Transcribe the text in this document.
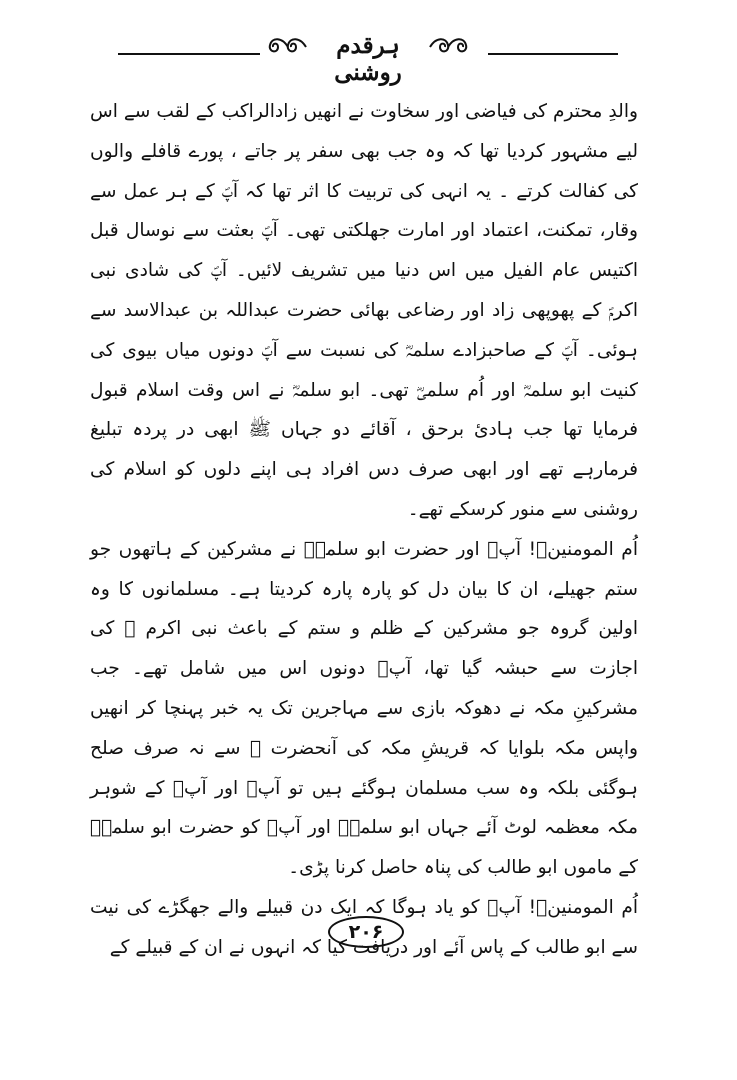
ہرقدم روشنی

والدِ محترم کی فیاضی اور سخاوت نے انھیں زادالراکب کے لقب سے اس لیے مشہور کردیا تھا کہ وہ جب بھی سفر پر جاتے ، پورے قافلے والوں کی کفالت کرتے ۔ یہ انہی کی تربیت کا اثر تھا کہ آپؐ کے ہر عمل سے وقار، تمکنت، اعتماد اور امارت جھلکتی تھی۔ آپؐ بعثت سے نوسال قبل اکتیس عام الفیل میں اس دنیا میں تشریف لائیں۔ آپؐ کی شادی نبی اکرمؐ کے پھوپھی زاد اور رضاعی بھائی حضرت عبداللہ بن عبدالاسد سے ہوئی۔ آپؐ کے صاحبزادے سلمہؓ کی نسبت سے آپؐ دونوں میاں بیوی کی کنیت ابو سلمہؓ اور اُم سلمیؓ تھی۔ ابو سلمہؓ نے اس وقت اسلام قبول فرمایا تھا جب ہادیٔ برحق ، آقائے دو جہاں ﷺ ابھی در پردہ تبلیغ فرمارہے تھے اور ابھی صرف دس افراد ہی اپنے دلوں کو اسلام کی روشنی سے منور کرسکے تھے۔

اُم المومنینؓ! آپؐ اور حضرت ابو سلمہؓ نے مشرکین کے ہاتھوں جو ستم جھیلے، ان کا بیان دل کو پارہ پارہ کردیتا ہے۔ مسلمانوں کا وہ اولین گروہ جو مشرکین کے ظلم و ستم کے باعث نبی اکرم ﷺ کی اجازت سے حبشہ گیا تھا، آپؐ دونوں اس میں شامل تھے۔ جب مشرکینِ مکہ نے دھوکہ بازی سے مہاجرین تک یہ خبر پہنچا کر انھیں واپس مکہ بلوایا کہ قریشِ مکہ کی آنحضرت ﷺ سے نہ صرف صلح ہوگئی بلکہ وہ سب مسلمان ہوگئے ہیں تو آپؐ اور آپؐ کے شوہر مکہ معظمہ لوٹ آئے جہاں ابو سلمہؓ اور آپؐ کو حضرت ابو سلمہؓ کے ماموں ابو طالب کی پناہ حاصل کرنا پڑی۔

اُم المومنینؓ! آپؐ کو یاد ہوگا کہ ایک دن قبیلے والے جھگڑے کی نیت سے ابو طالب کے پاس آئے اور دریافت کیا کہ انہوں نے ان کے قبیلے کے

۲۰۶
